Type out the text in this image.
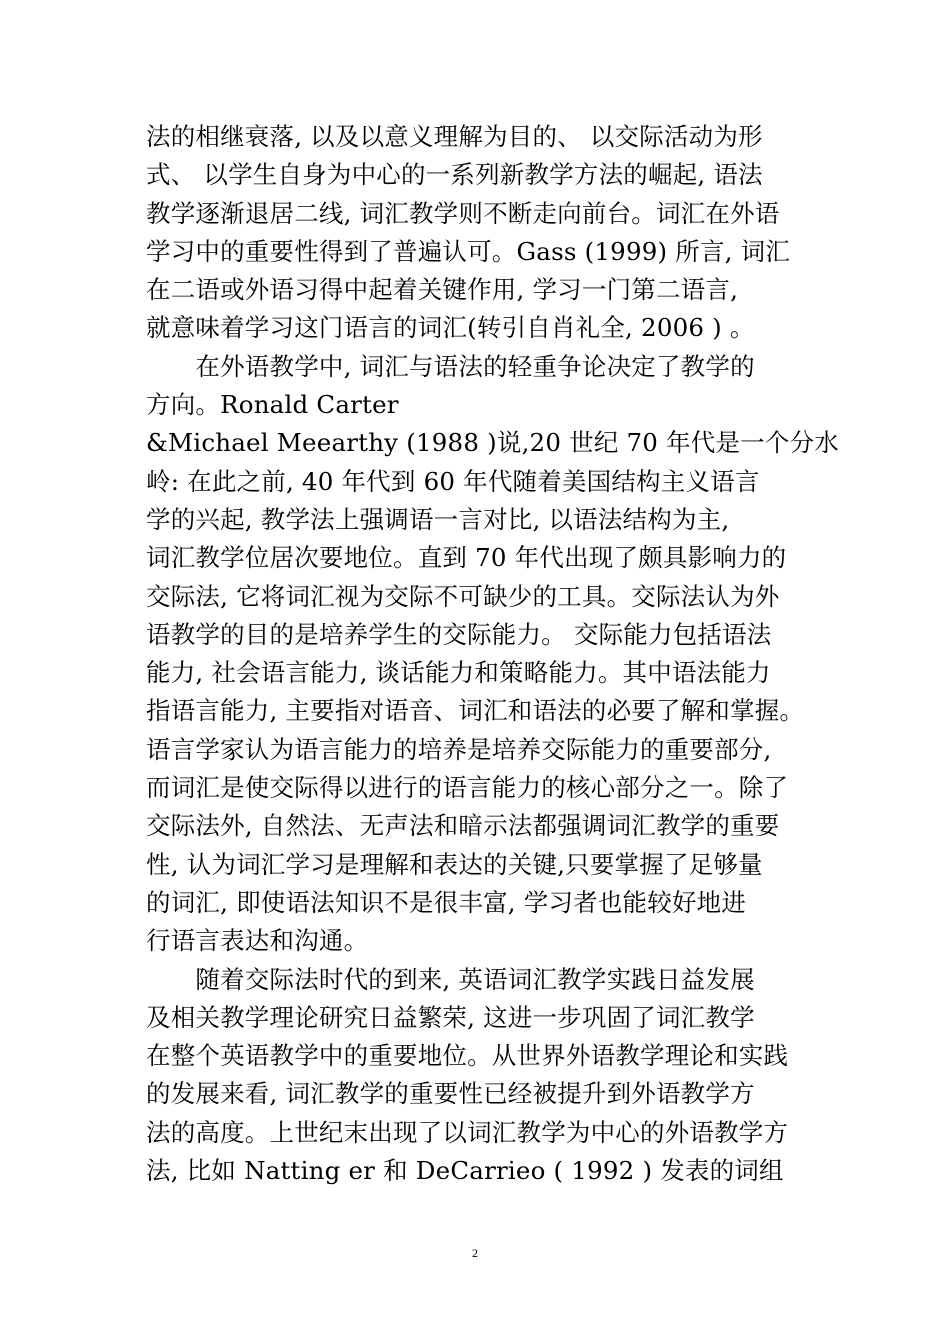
法的相继衰落, 以及以意义理解为目的、 以交际活动为形
式、 以学生自身为中心的一系列新教学方法的崛起, 语法
教学逐渐退居二线, 词汇教学则不断走向前台。词汇在外语
学习中的重要性得到了普遍认可。Gass (1999) 所言, 词汇
在二语或外语习得中起着关键作用, 学习一门第二语言,
就意味着学习这门语言的词汇(转引自肖礼全, 2006 ) 。
　　在外语教学中, 词汇与语法的轻重争论决定了教学的
方向。Ronald Carter
&Michael Meearthy (1988 )说,20 世纪 70 年代是一个分水
岭: 在此之前, 40 年代到 60 年代随着美国结构主义语言
学的兴起, 教学法上强调语一言对比, 以语法结构为主,
词汇教学位居次要地位。直到 70 年代出现了颇具影响力的
交际法, 它将词汇视为交际不可缺少的工具。交际法认为外
语教学的目的是培养学生的交际能力。 交际能力包括语法
能力, 社会语言能力, 谈话能力和策略能力。其中语法能力
指语言能力, 主要指对语音、词汇和语法的必要了解和掌握。
语言学家认为语言能力的培养是培养交际能力的重要部分,
而词汇是使交际得以进行的语言能力的核心部分之一。除了
交际法外, 自然法、无声法和暗示法都强调词汇教学的重要
性, 认为词汇学习是理解和表达的关键,只要掌握了足够量
的词汇, 即使语法知识不是很丰富, 学习者也能较好地进
行语言表达和沟通。
　　随着交际法时代的到来, 英语词汇教学实践日益发展
及相关教学理论研究日益繁荣, 这进一步巩固了词汇教学
在整个英语教学中的重要地位。从世界外语教学理论和实践
的发展来看, 词汇教学的重要性已经被提升到外语教学方
法的高度。上世纪末出现了以词汇教学为中心的外语教学方
法, 比如 Natting er 和 DeCarrieo ( 1992 ) 发表的词组
2
